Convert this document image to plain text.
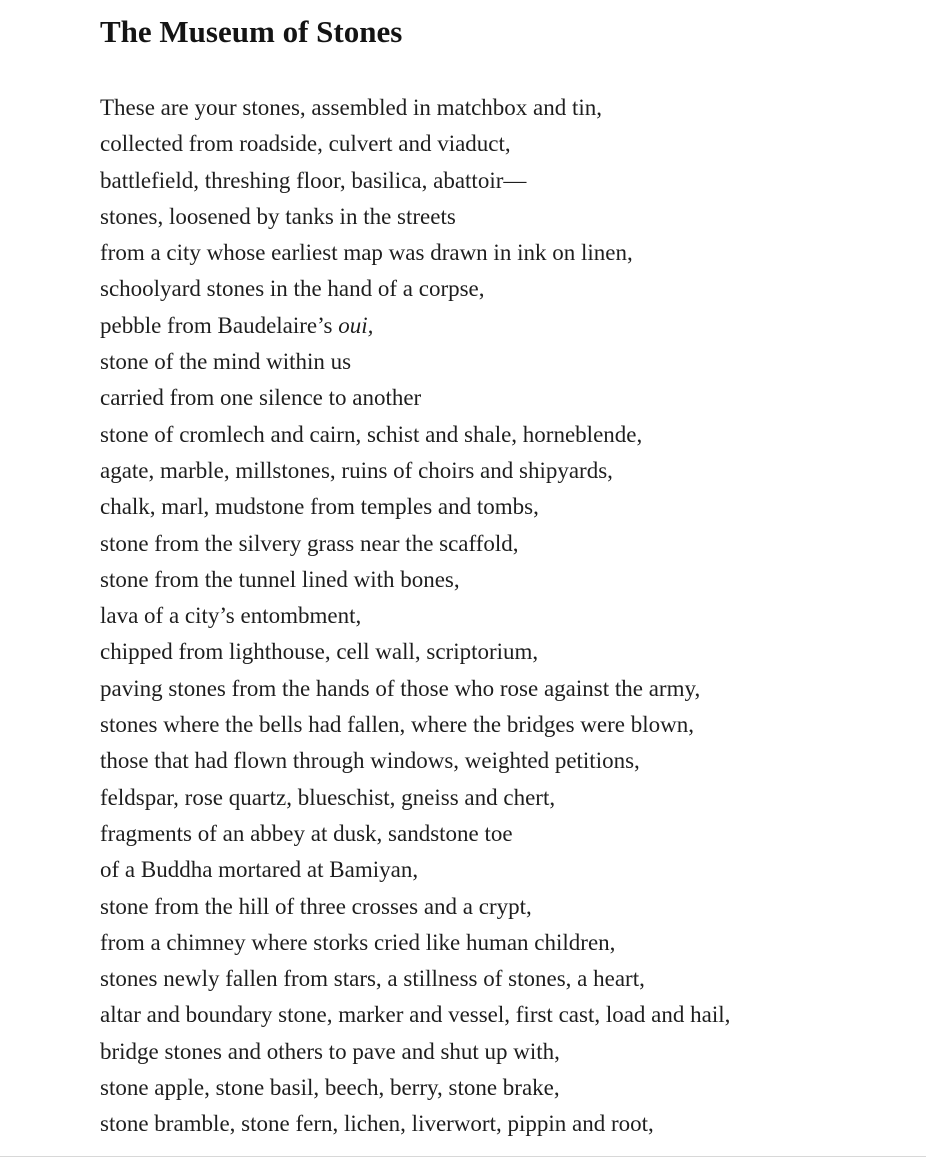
The Museum of Stones
These are your stones, assembled in matchbox and tin,
collected from roadside, culvert and viaduct,
battlefield, threshing floor, basilica, abattoir—
stones, loosened by tanks in the streets
from a city whose earliest map was drawn in ink on linen,
schoolyard stones in the hand of a corpse,
pebble from Baudelaire’s oui,
stone of the mind within us
carried from one silence to another
stone of cromlech and cairn, schist and shale, horneblende,
agate, marble, millstones, ruins of choirs and shipyards,
chalk, marl, mudstone from temples and tombs,
stone from the silvery grass near the scaffold,
stone from the tunnel lined with bones,
lava of a city’s entombment,
chipped from lighthouse, cell wall, scriptorium,
paving stones from the hands of those who rose against the army,
stones where the bells had fallen, where the bridges were blown,
those that had flown through windows, weighted petitions,
feldspar, rose quartz, blueschist, gneiss and chert,
fragments of an abbey at dusk, sandstone toe
of a Buddha mortared at Bamiyan,
stone from the hill of three crosses and a crypt,
from a chimney where storks cried like human children,
stones newly fallen from stars, a stillness of stones, a heart,
altar and boundary stone, marker and vessel, first cast, load and hail,
bridge stones and others to pave and shut up with,
stone apple, stone basil, beech, berry, stone brake,
stone bramble, stone fern, lichen, liverwort, pippin and root,
